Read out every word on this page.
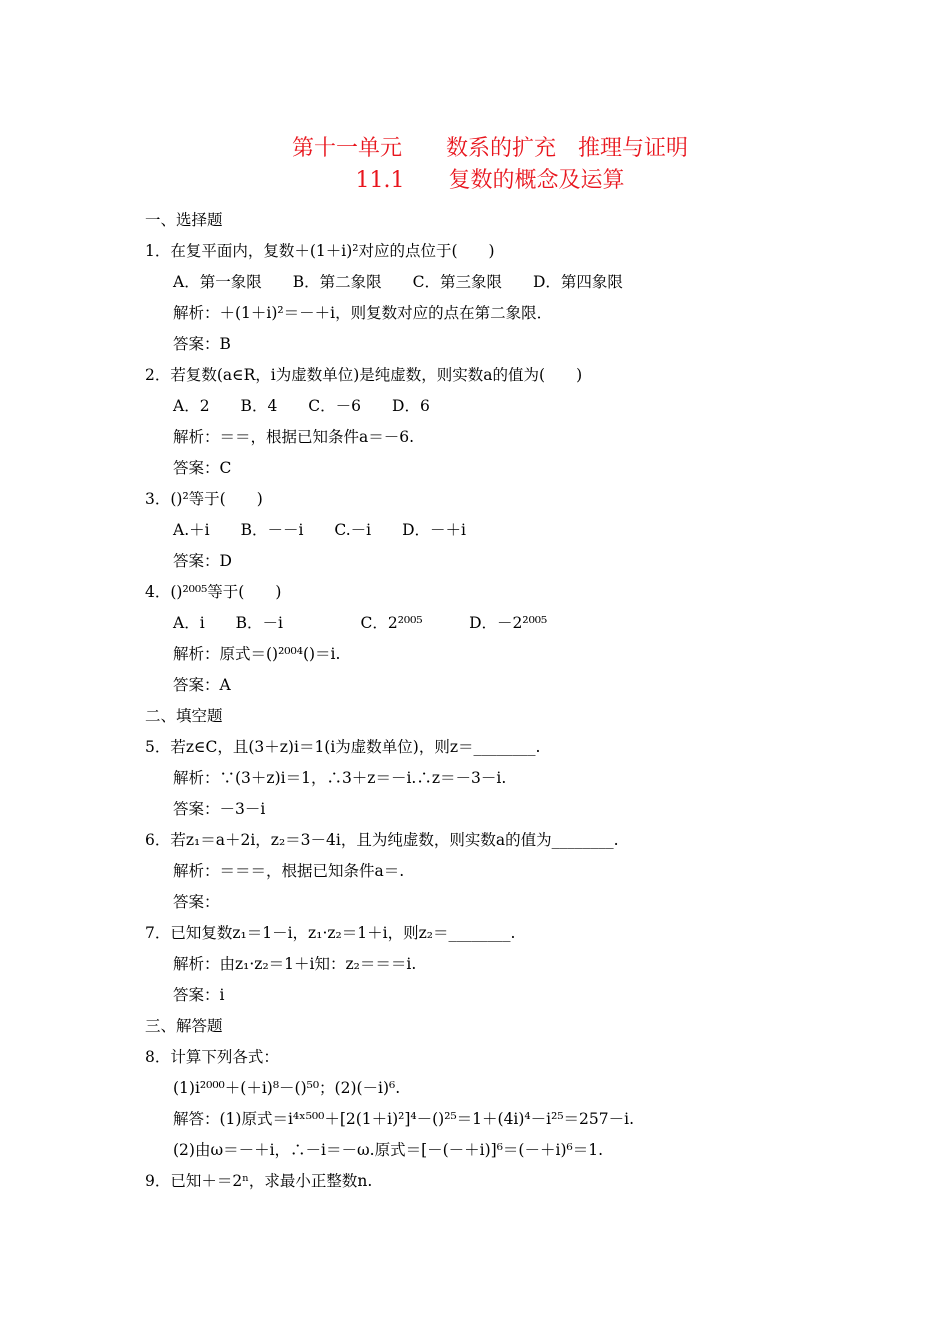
第十一单元　　数系的扩充　推理与证明
11.1　　复数的概念及运算
一、选择题
1．在复平面内，复数＋(1＋i)²对应的点位于(　　)
A．第一象限　　B．第二象限　　C．第三象限　　D．第四象限
解析：＋(1＋i)²＝－＋i，则复数对应的点在第二象限．
答案：B
2．若复数(a∈R，i为虚数单位)是纯虚数，则实数a的值为(　　)
A．2　　B．4　　C．－6　　D．6
解析：＝＝，根据已知条件a＝－6.
答案：C
3．()²等于(　　)
A.＋i　　B．－－i　　C.－i　　D．－＋i
答案：D
4．()²⁰⁰⁵等于(　　)
A．i　　B．－i　　　　　C．2²⁰⁰⁵　　　D．－2²⁰⁰⁵
解析：原式＝()²⁰⁰⁴()＝i.
答案：A
二、填空题
5．若z∈C，且(3＋z)i＝1(i为虚数单位)，则z＝________.
解析：∵(3＋z)i＝1，∴3＋z＝－i.∴z＝－3－i.
答案：－3－i
6．若z₁＝a＋2i，z₂＝3－4i，且为纯虚数，则实数a的值为________.
解析：＝＝＝，根据已知条件a＝.
答案：
7．已知复数z₁＝1－i，z₁·z₂＝1＋i，则z₂＝________.
解析：由z₁·z₂＝1＋i知：z₂＝＝＝i.
答案：i
三、解答题
8．计算下列各式：
(1)i²⁰⁰⁰＋(＋i)⁸－()⁵⁰；(2)(－i)⁶.
解答：(1)原式＝i⁴ˣ⁵⁰⁰＋[2(1＋i)²]⁴－()²⁵＝1＋(4i)⁴－i²⁵＝257－i.
(2)由ω＝－＋i，∴－i＝－ω.原式＝[－(－＋i)]⁶＝(－＋i)⁶＝1.
9．已知＋＝2ⁿ，求最小正整数n.
